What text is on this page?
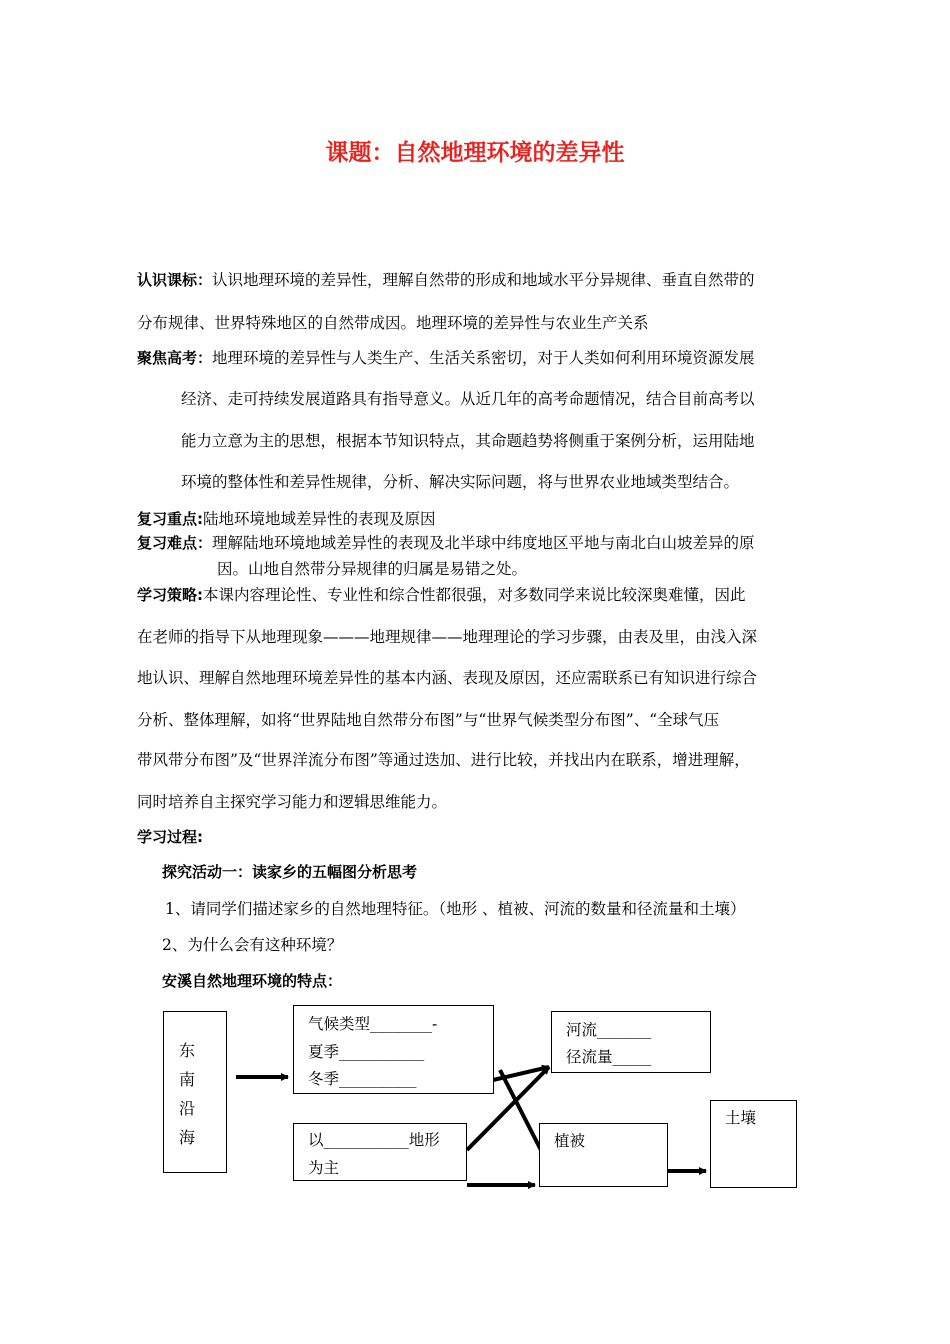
课题：自然地理环境的差异性
认识课标：认识地理环境的差异性，理解自然带的形成和地域水平分异规律、垂直自然带的
分布规律、世界特殊地区的自然带成因。地理环境的差异性与农业生产关系
聚焦高考：地理环境的差异性与人类生产、生活关系密切，对于人类如何利用环境资源发展
经济、走可持续发展道路具有指导意义。从近几年的高考命题情况，结合目前高考以
能力立意为主的思想，根据本节知识特点，其命题趋势将侧重于案例分析，运用陆地
环境的整体性和差异性规律，分析、解决实际问题，将与世界农业地域类型结合。
复习重点:陆地环境地域差异性的表现及原因
复习难点：理解陆地环境地域差异性的表现及北半球中纬度地区平地与南北白山坡差异的原
因。山地自然带分异规律的归属是易错之处。
学习策略:本课内容理论性、专业性和综合性都很强，对多数同学来说比较深奥难懂，因此
在老师的指导下从地理现象———地理规律——地理理论的学习步骤，由表及里，由浅入深
地认识、理解自然地理环境差异性的基本内涵、表现及原因，还应需联系已有知识进行综合
分析、整体理解，如将“世界陆地自然带分布图”与“世界气候类型分布图”、“全球气压
带风带分布图”及“世界洋流分布图”等通过迭加、进行比较，并找出内在联系，增进理解，
同时培养自主探究学习能力和逻辑思维能力。
学习过程:
探究活动一：读家乡的五幅图分析思考
1、请同学们描述家乡的自然地理特征。（地形 、植被、河流的数量和径流量和土壤）
2、为什么会有这种环境？
安溪自然地理环境的特点：
东
南
沿
海
气候类型________-
夏季___________
冬季__________
以___________地形
为主
河流_______
径流量_____
植被
土壤
